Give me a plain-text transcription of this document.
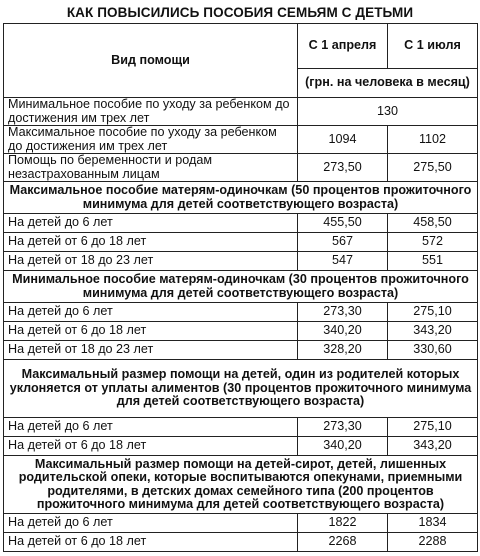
КАК ПОВЫСИЛИСЬ ПОСОБИЯ СЕМЬЯМ С ДЕТЬМИ
Вид помощи	С 1 апреля	С 1 июля
	(грн. на человека в месяц)	
Минимальное пособие по уходу за ребенком до достижения им трех лет	130	
Максимальное пособие по уходу за ребенком до достижения им трех лет	1094	1102
Помощь по беременности и родам незастрахованным лицам	273,50	275,50
Максимальное пособие матерям-одиночкам (50 процентов прожиточного минимума для детей соответствующего возраста)		
На детей до 6 лет	455,50	458,50
На детей от 6 до 18 лет	567	572
На детей от 18 до 23 лет	547	551
Минимальное пособие матерям-одиночкам (30 процентов прожиточного минимума для детей соответствующего возраста)		
На детей до 6 лет	273,30	275,10
На детей от 6 до 18 лет	340,20	343,20
На детей от 18 до 23 лет	328,20	330,60
Максимальный размер помощи на детей, один из родителей которых уклоняется от уплаты алиментов (30 процентов прожиточного минимума для детей соответствующего возраста)		
На детей до 6 лет	273,30	275,10
На детей от 6 до 18 лет	340,20	343,20
Максимальный размер помощи на детей-сирот, детей, лишенных родительской опеки, которые воспитываются опекунами, приемными родителями, в детских домах семейного типа (200 процентов прожиточного минимума для детей соответствующего возраста)		
На детей до 6 лет	1822	1834
На детей от 6 до 18 лет	2268	2288
